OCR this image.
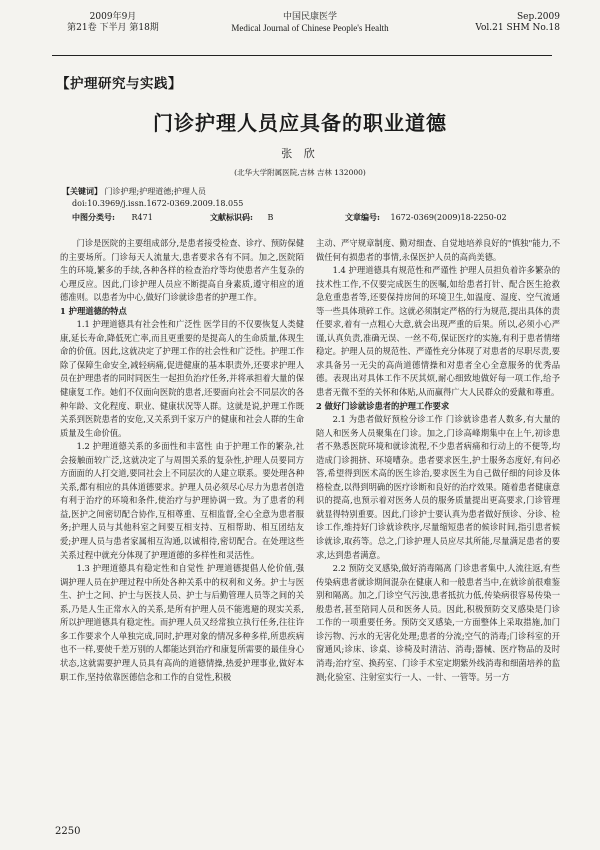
2009年9月
第21卷 下半月 第18期
中国民康医学
Medical Journal of Chinese People's Health
Sep.2009
Vol.21 SHM No.18
【护理研究与实践】
门诊护理人员应具备的职业道德
张 欣
(北华大学附属医院,吉林 吉林 132000)
【关键词】 门诊护理;护理道德;护理人员
doi:10.3969/j.issn.1672-0369.2009.18.055
中图分类号: R471	文献标识码: B	文章编号: 1672-0369(2009)18-2250-02

门诊是医院的主要组成部分,是患者接受检查、诊疗、预防保健的主要场所。门诊每天人流量大,患者要求各有不同。加之,医院陌生的环境,繁多的手续,各种各样的检查治疗等均使患者产生复杂的心理反应。因此,门诊护理人员应不断提高自身素质,遵守相应的道德准则。以患者为中心,做好门诊就诊患者的护理工作。

1 护理道德的特点

1.1 护理道德具有社会性和广泛性 医学目的不仅要恢复人类健康,延长寿命,降低死亡率,而且更重要的是提高人的生命质量,体现生命的价值。因此,这就决定了护理工作的社会性和广泛性。护理工作除了保障生命安全,减轻病痛,促进健康的基本职责外,还要求护理人员在护理患者的同时同医生一起担负治疗任务,并将承担着大量的保健康复工作。她们不仅面向医院的患者,还要面向社会不同层次的各种年龄、文化程度、职业、健康状况等人群。这就是说,护理工作既关系到医院患者的安危,又关系到千家万户的健康和社会人群的生命质量及生命价值。

1.2 护理道德关系的多面性和丰富性 由于护理工作的繁杂,社会接触面较广泛,这就决定了与周围关系的复杂性,护理人员要同方方面面的人打交道,要同社会上不同层次的人建立联系。要处理各种关系,都有相应的具体道德要求。护理人员必须尽心尽力为患者创造有利于治疗的环境和条件,使治疗与护理协调一致。为了患者的利益,医护之间密切配合协作,互相尊重、互相监督,全心全意为患者服务;护理人员与其他科室之间要互相支持、互相帮助、相互团结友爱;护理人员与患者家属相互沟通,以诚相待,密切配合。在处理这些关系过程中就充分体现了护理道德的多样性和灵活性。

1.3 护理道德具有稳定性和自觉性 护理道德提倡人伦价值,强调护理人员在护理过程中所处各种关系中的权利和义务。护士与医生、护士之间、护士与医技人员、护士与后勤管理人员等之间的关系,乃是人生正常水入的关系,是所有护理人员不能逃避的现实关系,所以护理道德具有稳定性。而护理人员又经常独立执行任务,往往许多工作要求个人单独完成,同时,护理对象的情况多种多样,所患疾病也不一样,要使千差万别的人都能达到治疗和康复所需要的最佳身心状态,这就需要护理人员具有高尚的道德情操,热爱护理事业,做好本职工作,坚持依靠医德信念和工作的自觉性,积极

主动、严守规章制度、勤对细查、自觉地培养良好的"慎独"能力,不做任何有损患者的事情,永保医护人员的高尚美德。

1.4 护理道德具有规范性和严谨性 护理人员担负着许多繁杂的技术性工作,不仅要完成医生的医嘱,如给患者打针、配合医生抢救急危重患者等,还要保持房间的环境卫生,如温度、湿度、空气流通等一些具体琐碎工作。这就必须制定严格的行为规范,提出具体的责任要求,着有一点粗心大意,就会出现严重的后果。所以,必须小心严谨,认真负责,准确无误、一丝不苟,保证医疗的实施,有利于患者情绪稳定。护理人员的规范性、严谨性充分体现了对患者的尽职尽责,要求具备另一无尖的高尚道德情操和对患者全心全意服务的优秀品德。表现出对具体工作不厌其烦,耐心细致地做好每一项工作,给予患者无微不至的关怀和体贴,从而赢得广大人民群众的爱戴和尊重。

2 做好门诊就诊患者的护理工作要求

2.1 为患者做好预检分诊工作 门诊就诊患者人数多,有大量的陪人和医务人员聚集在门诊。加之,门诊高峰期集中在上午,初诊患者不熟悉医院环境和就诊流程,不少患者病痛和行动上的不便等,均造成门诊拥挤、环境嘈杂。患者要求医生,护士服务态度好,有问必答,希望得到医术高的医生诊治,要求医生为自己做仔细的问诊及体格检查,以得到明确的医疗诊断和良好的治疗效果。随着患者健康意识的提高,也预示着对医务人员的服务质量提出更高要求,门诊管理就显得特别重要。因此,门诊护士要认真为患者做好预诊、分诊、检诊工作,维持好门诊就诊秩序,尽量缩短患者的候诊时间,指引患者候诊就诊,取药等。总之,门诊护理人员应尽其所能,尽量满足患者的要求,达到患者满意。

2.2 预防交叉感染,做好消毒隔离 门诊患者集中,人流往返,有些传染病患者就诊期间混杂在健康人和一般患者当中,在就诊前很难鉴别和隔离。加之,门诊空气污浊,患者抵抗力低,传染病很容易传染一般患者,甚至陪同人员和医务人员。因此,积极预防交叉感染是门诊工作的一项重要任务。预防交叉感染,一方面整体上采取措施,加门诊污物、污水的无害化处理;患者的分流;空气的消毒;门诊科室的开窗通风;诊床、诊桌、诊椅及时清洁、消毒;器械、医疗物品的及时消毒;治疗室、换药室、门诊手术室定期紫外线消毒和细菌培养的监测;化验室、注射室实行一人、一针、一管等。另一方

2250
